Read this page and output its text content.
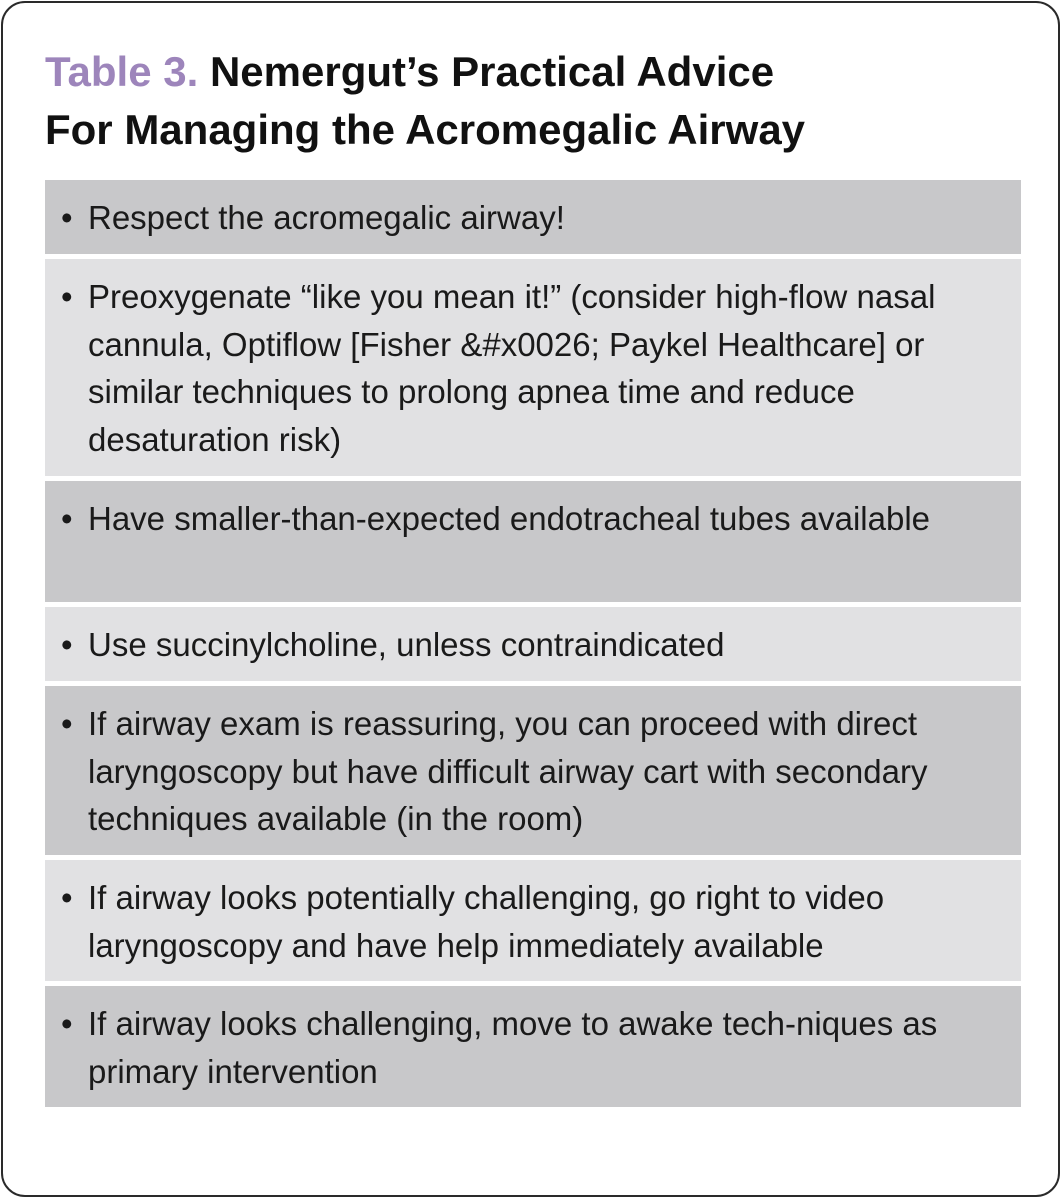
Table 3. Nemergut’s Practical Advice
For Managing the Acromegalic Airway
• Respect the acromegalic airway!
• Preoxygenate “like you mean it!” (consider high-flow nasal cannula, Optiflow [Fisher &#x0026; Paykel Healthcare] or similar techniques to prolong apnea time and reduce desaturation risk)
• Have smaller-than-expected endotracheal tubes available
• Use succinylcholine, unless contraindicated
• If airway exam is reassuring, you can proceed with direct laryngoscopy but have difficult airway cart with secondary techniques available (in the room)
• If airway looks potentially challenging, go right to video laryngoscopy and have help immediately available
• If airway looks challenging, move to awake tech-niques as primary intervention
